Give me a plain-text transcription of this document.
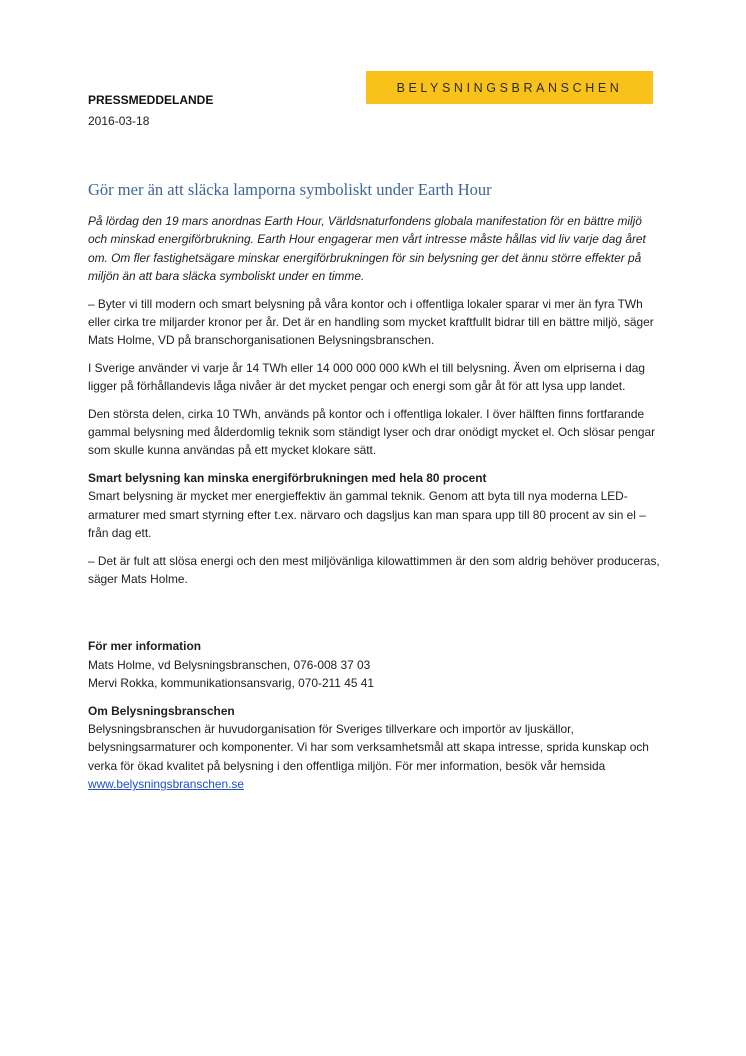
BELYSNINGSBRANSCHEN
PRESSMEDDELANDE
2016-03-18
Gör mer än att släcka lamporna symboliskt under Earth Hour

På lördag den 19 mars anordnas Earth Hour, Världsnaturfondens globala manifestation för en bättre miljö och minskad energiförbrukning. Earth Hour engagerar men vårt intresse måste hållas vid liv varje dag året om. Om fler fastighetsägare minskar energiförbrukningen för sin belysning ger det ännu större effekter på miljön än att bara släcka symboliskt under en timme.

– Byter vi till modern och smart belysning på våra kontor och i offentliga lokaler sparar vi mer än fyra TWh eller cirka tre miljarder kronor per år. Det är en handling som mycket kraftfullt bidrar till en bättre miljö, säger Mats Holme, VD på branschorganisationen Belysningsbranschen.

I Sverige använder vi varje år 14 TWh eller 14 000 000 000 kWh el till belysning. Även om elpriserna i dag ligger på förhållandevis låga nivåer är det mycket pengar och energi som går åt för att lysa upp landet.

Den största delen, cirka 10 TWh, används på kontor och i offentliga lokaler. I över hälften finns fortfarande gammal belysning med ålderdomlig teknik som ständigt lyser och drar onödigt mycket el. Och slösar pengar som skulle kunna användas på ett mycket klokare sätt.

Smart belysning kan minska energiförbrukningen med hela 80 procent
Smart belysning är mycket mer energieffektiv än gammal teknik. Genom att byta till nya moderna LED-armaturer med smart styrning efter t.ex. närvaro och dagsljus kan man spara upp till 80 procent av sin el – från dag ett.

– Det är fult att slösa energi och den mest miljövänliga kilowattimmen är den som aldrig behöver produceras, säger Mats Holme.

För mer information
Mats Holme, vd Belysningsbranschen, 076-008 37 03
Mervi Rokka, kommunikationsansvarig, 070-211 45 41

Om Belysningsbranschen
Belysningsbranschen är huvudorganisation för Sveriges tillverkare och importör av ljuskällor, belysningsarmaturer och komponenter. Vi har som verksamhetsmål att skapa intresse, sprida kunskap och verka för ökad kvalitet på belysning i den offentliga miljön. För mer information, besök vår hemsida www.belysningsbranschen.se
